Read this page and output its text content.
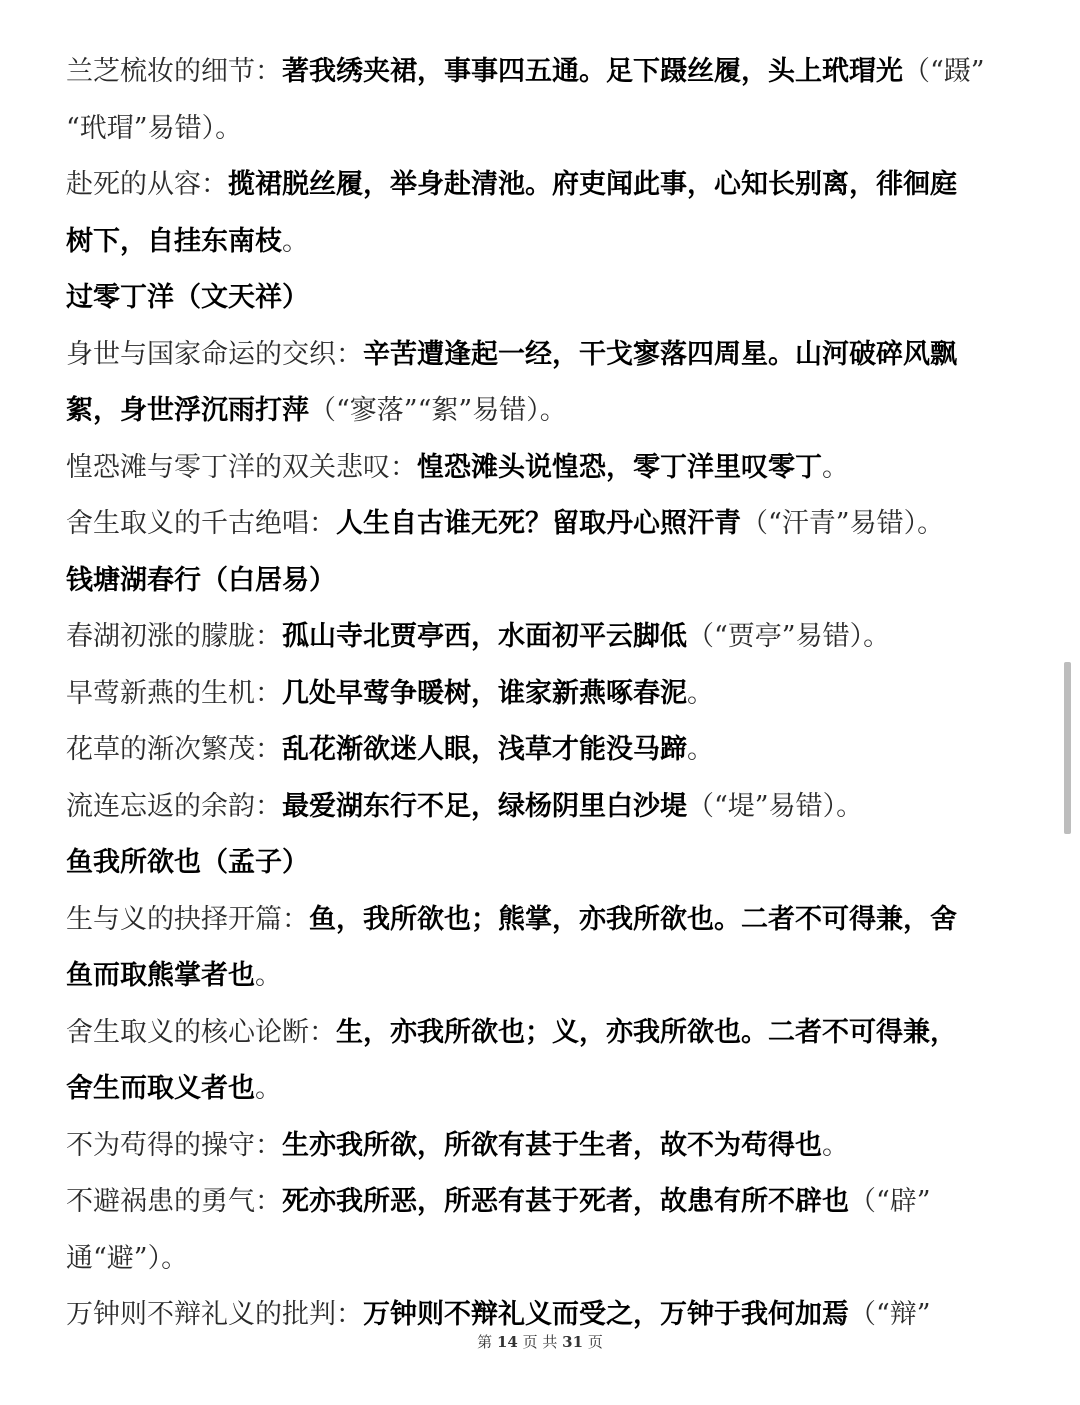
兰芝梳妆的细节：著我绣夹裙，事事四五通。足下蹑丝履，头上玳瑁光（“蹑”
“玳瑁”易错）。
赴死的从容：揽裙脱丝履，举身赴清池。府吏闻此事，心知长别离，徘徊庭
树下，自挂东南枝。
过零丁洋（文天祥）
身世与国家命运的交织：辛苦遭逢起一经，干戈寥落四周星。山河破碎风飘
絮，身世浮沉雨打萍（“寥落”“絮”易错）。
惶恐滩与零丁洋的双关悲叹：惶恐滩头说惶恐，零丁洋里叹零丁。
舍生取义的千古绝唱：人生自古谁无死？留取丹心照汗青（“汗青”易错）。
钱塘湖春行（白居易）
春湖初涨的朦胧：孤山寺北贾亭西，水面初平云脚低（“贾亭”易错）。
早莺新燕的生机：几处早莺争暖树，谁家新燕啄春泥。
花草的渐次繁茂：乱花渐欲迷人眼，浅草才能没马蹄。
流连忘返的余韵：最爱湖东行不足，绿杨阴里白沙堤（“堤”易错）。
鱼我所欲也（孟子）
生与义的抉择开篇：鱼，我所欲也；熊掌，亦我所欲也。二者不可得兼，舍
鱼而取熊掌者也。
舍生取义的核心论断：生，亦我所欲也；义，亦我所欲也。二者不可得兼，
舍生而取义者也。
不为苟得的操守：生亦我所欲，所欲有甚于生者，故不为苟得也。
不避祸患的勇气：死亦我所恶，所恶有甚于死者，故患有所不辟也（“辟”
通“避”）。
万钟则不辩礼义的批判：万钟则不辩礼义而受之，万钟于我何加焉（“辩”
第 14 页 共 31 页
